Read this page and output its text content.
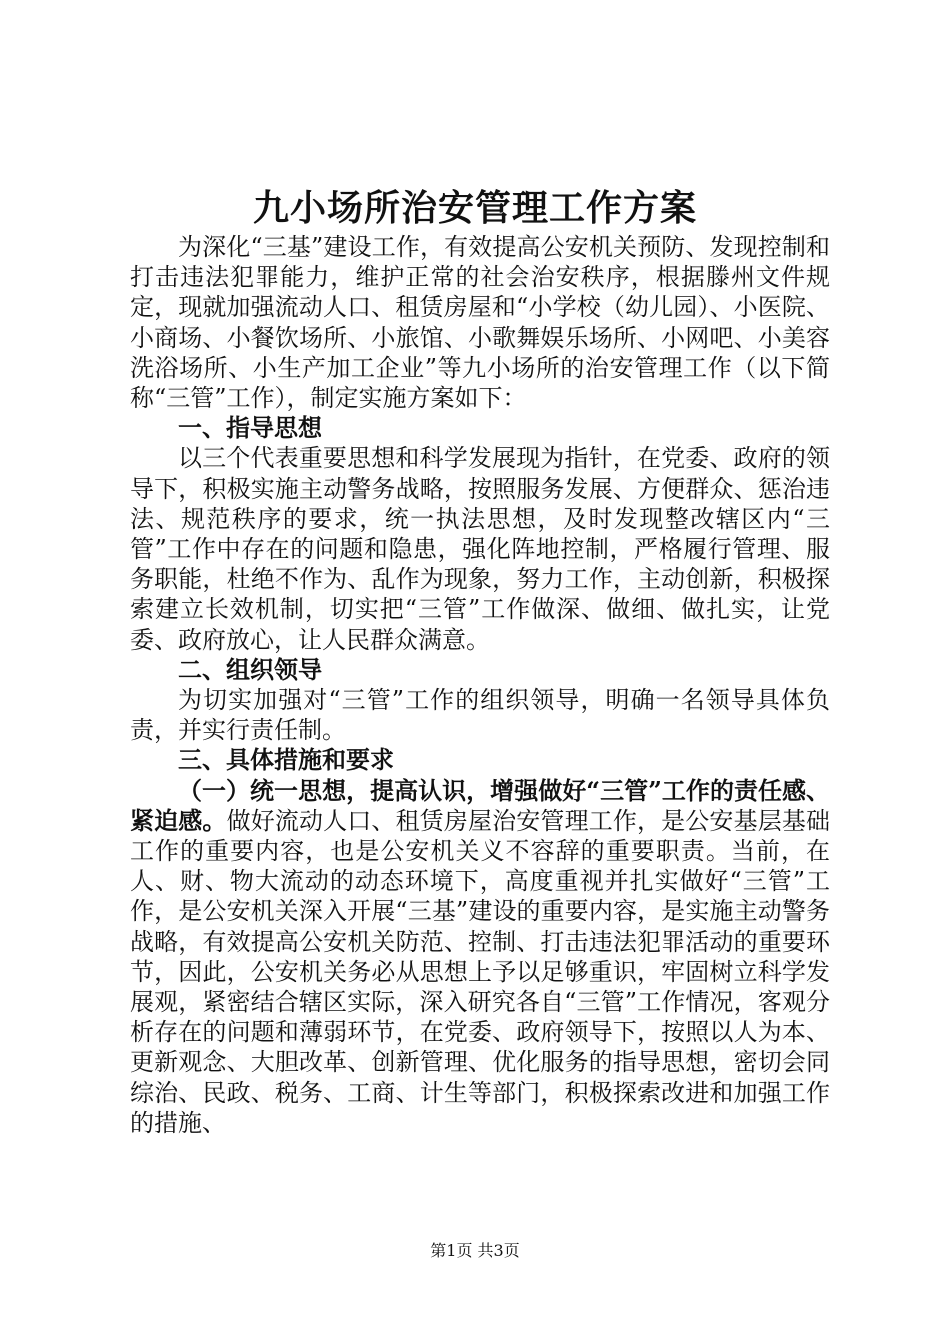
九小场所治安管理工作方案

为深化“三基”建设工作，有效提高公安机关预防、发现控制和打击违法犯罪能力，维护正常的社会治安秩序，根据滕州文件规定，现就加强流动人口、租赁房屋和“小学校（幼儿园）、小医院、小商场、小餐饮场所、小旅馆、小歌舞娱乐场所、小网吧、小美容洗浴场所、小生产加工企业”等九小场所的治安管理工作（以下简称“三管”工作），制定实施方案如下：

一、指导思想

以三个代表重要思想和科学发展现为指针，在党委、政府的领导下，积极实施主动警务战略，按照服务发展、方便群众、惩治违法、规范秩序的要求，统一执法思想，及时发现整改辖区内“三管”工作中存在的问题和隐患，强化阵地控制，严格履行管理、服务职能，杜绝不作为、乱作为现象，努力工作，主动创新，积极探索建立长效机制，切实把“三管”工作做深、做细、做扎实，让党委、政府放心，让人民群众满意。

二、组织领导

为切实加强对“三管”工作的组织领导，明确一名领导具体负责，并实行责任制。

三、具体措施和要求

（一）统一思想，提高认识，增强做好“三管”工作的责任感、紧迫感。做好流动人口、租赁房屋治安管理工作，是公安基层基础工作的重要内容，也是公安机关义不容辞的重要职责。当前，在人、财、物大流动的动态环境下，高度重视并扎实做好“三管”工作，是公安机关深入开展“三基”建设的重要内容，是实施主动警务战略，有效提高公安机关防范、控制、打击违法犯罪活动的重要环节，因此，公安机关务必从思想上予以足够重识，牢固树立科学发展观，紧密结合辖区实际，深入研究各自“三管”工作情况，客观分析存在的问题和薄弱环节，在党委、政府领导下，按照以人为本、更新观念、大胆改革、创新管理、优化服务的指导思想，密切会同综治、民政、税务、工商、计生等部门，积极探索改进和加强工作的措施、

第1页 共3页
